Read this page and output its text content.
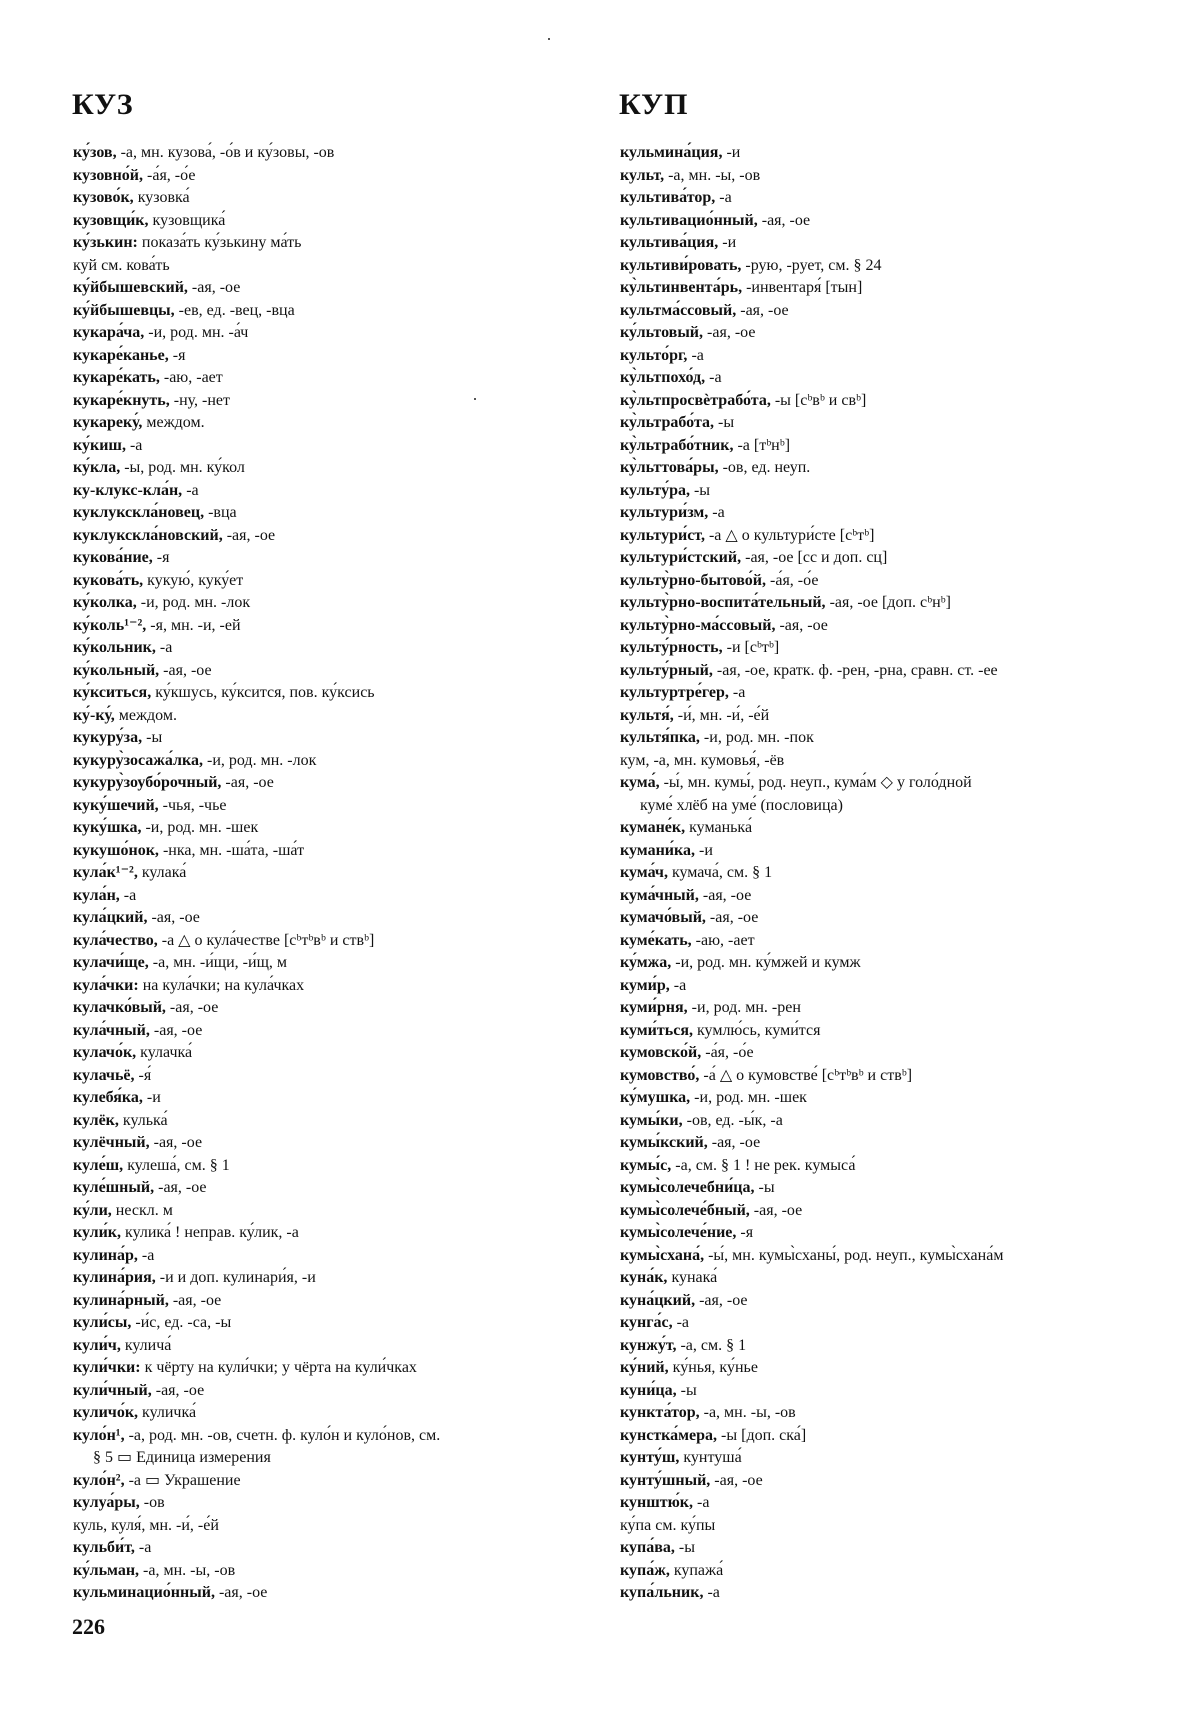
КУЗ	КУП
ку́зов, -а, мн. кузова́, -о́в и ку́зовы, -ов
кузовно́й, -а́я, -о́е
кузово́к, кузовка́
кузовщи́к, кузовщика́
ку́зькин: показа́ть ку́зькину ма́ть
куй см. кова́ть
ку́йбышевский, -ая, -ое
ку́йбышевцы, -ев, ед. -вец, -вца
кукара́ча, -и, род. мн. -а́ч
кукаре́канье, -я
кукаре́кать, -аю, -ает
кукаре́кнуть, -ну, -нет
кукареку́, междом.
ку́киш, -а
ку́кла, -ы, род. мн. ку́кол
ку-клукс-кла́н, -а
куклукскла́новец, -вца
куклукскла́новский, -ая, -ое
кукова́ние, -я
кукова́ть, кукую́, куку́ет
ку́колка, -и, род. мн. -лок
ку́коль¹⁻², -я, мн. -и, -ей
ку́кольник, -а
ку́кольный, -ая, -ое
ку́кситься, ку́кшусь, ку́ксится, пов. ку́ксись
ку́-ку́, междом.
кукуру́за, -ы
кукуру̀зосажа́лка, -и, род. мн. -лок
кукуру̀зоубо́рочный, -ая, -ое
куку́шечий, -чья, -чье
куку́шка, -и, род. мн. -шек
кукушо́нок, -нка, мн. -ша́та, -ша́т
кула́к¹⁻², кулака́
кула́н, -а
кула́цкий, -ая, -ое
кула́чество, -а △ о кула́честве [сᵇтᵇвᵇ и ствᵇ]
кулачи́ще, -а, мн. -и́щи, -и́щ, м
кула́чки: на кула́чки; на кула́чках
кулачко́вый, -ая, -ое
кула́чный, -ая, -ое
кулачо́к, кулачка́
кулачьё, -я́
кулебя́ка, -и
кулёк, кулька́
кулёчный, -ая, -ое
куле́ш, кулеша́, см. § 1
куле́шный, -ая, -ое
ку́ли, нескл. м
кули́к, кулика́ ! неправ. ку́лик, -а
кулина́р, -а
кулина́рия, -и и доп. кулинари́я, -и
кулина́рный, -ая, -ое
кули́сы, -и́с, ед. -са, -ы
кули́ч, кулича́
кули́чки: к чёрту на кули́чки; у чёрта на кули́чках
кули́чный, -ая, -ое
куличо́к, куличка́
куло́н¹, -а, род. мн. -ов, счетн. ф. куло́н и куло́нов, см.
§ 5 ▭ Единица измерения
куло́н², -а ▭ Украшение
кулуа́ры, -ов
куль, куля́, мн. -и́, -е́й
кульби́т, -а
ку́льман, -а, мн. -ы, -ов
кульминацио́нный, -ая, -ое
кульмина́ция, -и
культ, -а, мн. -ы, -ов
культива́тор, -а
культивацио́нный, -ая, -ое
культива́ция, -и
культиви́ровать, -рую, -рует, см. § 24
ку̀льтинвента́рь, -инвентаря́ [тын]
культма́ссовый, -ая, -ое
ку́льтовый, -ая, -ое
культо́рг, -а
ку̀льтпохо́д, -а
ку̀льтпросвѐтрабо́та, -ы [сᵇвᵇ и свᵇ]
ку̀льтрабо́та, -ы
ку̀льтрабо́тник, -а [тᵇнᵇ]
ку̀льттова́ры, -ов, ед. неуп.
культу́ра, -ы
культури́зм, -а
культури́ст, -а △ о культури́сте [сᵇтᵇ]
культури́стский, -ая, -ое [сс и доп. сц]
культу̀рно-бытово́й, -а́я, -о́е
культу̀рно-воспита́тельный, -ая, -ое [доп. сᵇнᵇ]
культу̀рно-ма́ссовый, -ая, -ое
культу́рность, -и [сᵇтᵇ]
культу́рный, -ая, -ое, кратк. ф. -рен, -рна, сравн. ст. -ее
культуртре́гер, -а
культя́, -и́, мн. -и́, -е́й
культя́пка, -и, род. мн. -пок
кум, -а, мн. кумовья́, -ёв
кума́, -ы́, мн. кумы́, род. неуп., кума́м ◇ у голо́дной
куме́ хлёб на уме́ (пословица)
кумане́к, куманька́
кумани́ка, -и
кума́ч, кумача́, см. § 1
кума́чный, -ая, -ое
кумачо́вый, -ая, -ое
куме́кать, -аю, -ает
ку́мжа, -и, род. мн. ку́мжей и кумж
куми́р, -а
куми́рня, -и, род. мн. -рен
куми́ться, кумлю́сь, куми́тся
кумовско́й, -а́я, -о́е
кумовство́, -а́ △ о кумовстве́ [сᵇтᵇвᵇ и ствᵇ]
ку́мушка, -и, род. мн. -шек
кумы́ки, -ов, ед. -ы́к, -а
кумы́кский, -ая, -ое
кумы́с, -а, см. § 1 ! не рек. кумыса́
кумы̀солечебни́ца, -ы
кумы̀солече́бный, -ая, -ое
кумы̀солече́ние, -я
кумы̀схана́, -ы́, мн. кумы̀сханы́, род. неуп., кумы̀схана́м
куна́к, кунака́
куна́цкий, -ая, -ое
кунга́с, -а
кунжу́т, -а, см. § 1
ку́ний, ку́нья, ку́нье
куни́ца, -ы
кункта́тор, -а, мн. -ы, -ов
кунстка́мера, -ы [доп. ска́]
кунту́ш, кунтуша́
кунту́шный, -ая, -ое
кунштю́к, -а
ку́па см. ку́пы
купа́ва, -ы
купа́ж, купажа́
купа́льник, -а
226
